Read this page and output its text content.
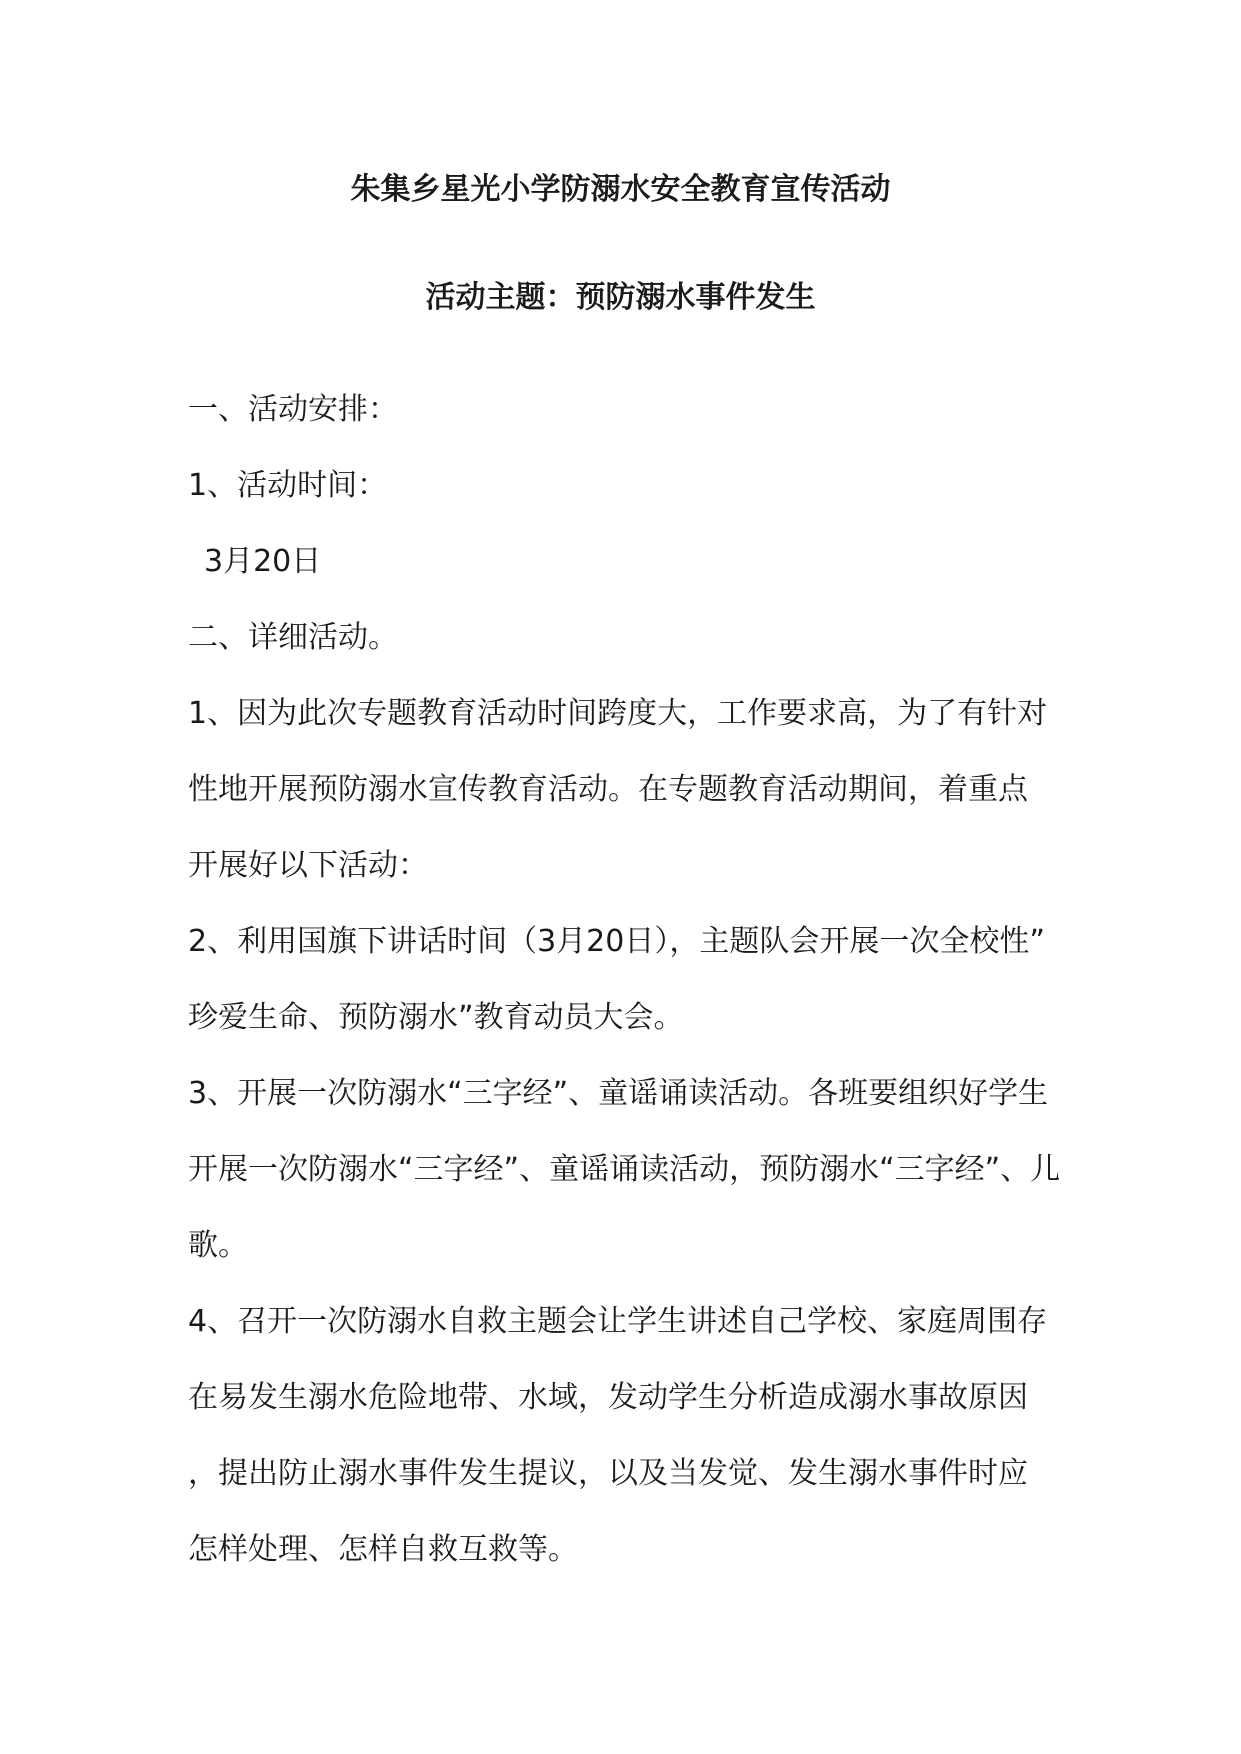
朱集乡星光小学防溺水安全教育宣传活动
活动主题：预防溺水事件发生
一、活动安排：
1、活动时间：
3月20日
二、详细活动。
1、因为此次专题教育活动时间跨度大，工作要求高，为了有针对
性地开展预防溺水宣传教育活动。在专题教育活动期间，着重点
开展好以下活动：
2、利用国旗下讲话时间（3月20日），主题队会开展一次全校性”
珍爱生命、预防溺水”教育动员大会。
3、开展一次防溺水“三字经”、童谣诵读活动。各班要组织好学生
开展一次防溺水“三字经”、童谣诵读活动，预防溺水“三字经”、儿
歌。
4、召开一次防溺水自救主题会让学生讲述自己学校、家庭周围存
在易发生溺水危险地带、水域，发动学生分析造成溺水事故原因
，提出防止溺水事件发生提议，以及当发觉、发生溺水事件时应
怎样处理、怎样自救互救等。
